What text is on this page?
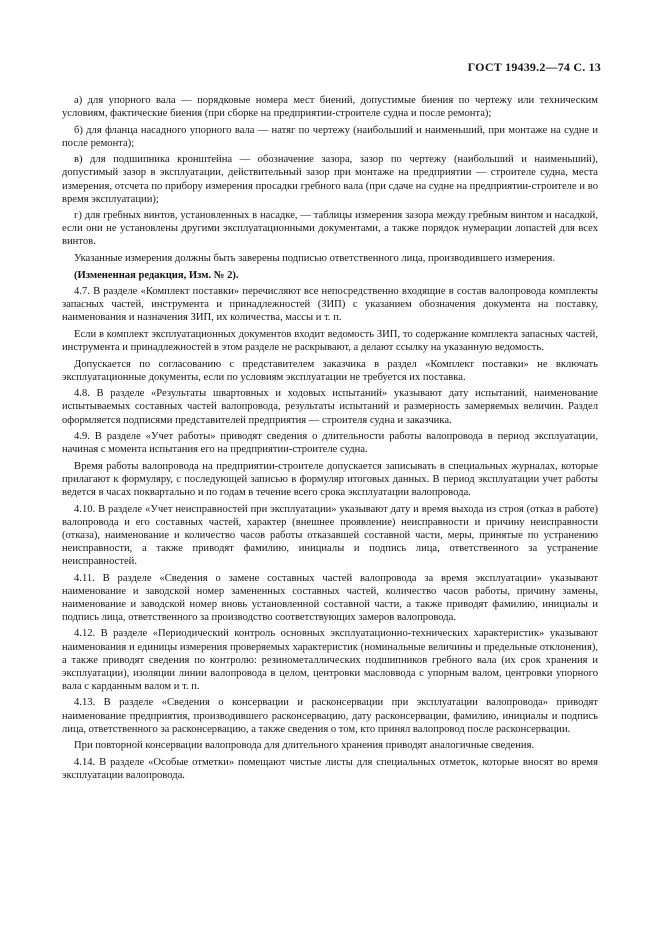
ГОСТ 19439.2—74 С. 13

а) для упорного вала — порядковые номера мест биений, допустимые биения по чертежу или техническим условиям, фактические биения (при сборке на предприятии-строителе судна и после ремонта);

б) для фланца насадного упорного вала — натяг по чертежу (наибольший и наименьший, при монтаже на судне и после ремонта);

в) для подшипника кронштейна — обозначение зазора, зазор по чертежу (наибольший и наименьший), допустимый зазор в эксплуатации, действительный зазор при монтаже на предприятии — строителе судна, места измерения, отсчета по прибору измерения просадки гребного вала (при сдаче на судне на предприятии-строителе и во время эксплуатации);

г) для гребных винтов, установленных в насадке, — таблицы измерения зазора между гребным винтом и насадкой, если они не установлены другими эксплуатационными документами, а также порядок нумерации лопастей для всех винтов.

Указанные измерения должны быть заверены подписью ответственного лица, производившего измерения.

(Измененная редакция, Изм. № 2).

4.7. В разделе «Комплект поставки» перечисляют все непосредственно входящие в состав валопровода комплекты запасных частей, инструмента и принадлежностей (ЗИП) с указанием обозначения документа на поставку, наименования и назначения ЗИП, их количества, массы и т. п.

Если в комплект эксплуатационных документов входит ведомость ЗИП, то содержание комплекта запасных частей, инструмента и принадлежностей в этом разделе не раскрывают, а делают ссылку на указанную ведомость.

Допускается по согласованию с представителем заказчика в раздел «Комплект поставки» не включать эксплуатационные документы, если по условиям эксплуатации не требуется их поставка.

4.8. В разделе «Результаты швартовных и ходовых испытаний» указывают дату испытаний, наименование испытываемых составных частей валопровода, результаты испытаний и размерность замеряемых величин. Раздел оформляется подписями представителей предприятия — строителя судна и заказчика.

4.9. В разделе «Учет работы» приводят сведения о длительности работы валопровода в период эксплуатации, начиная с момента испытания его на предприятии-строителе судна.

Время работы валопровода на предприятии-строителе допускается записывать в специальных журналах, которые прилагают к формуляру, с последующей записью в формуляр итоговых данных. В период эксплуатации учет работы ведется в часах поквартально и по годам в течение всего срока эксплуатации валопровода.

4.10. В разделе «Учет неисправностей при эксплуатации» указывают дату и время выхода из строя (отказ в работе) валопровода и его составных частей, характер (внешнее проявление) неисправности и причину неисправности (отказа), наименование и количество часов работы отказавшей составной части, меры, принятые по устранению неисправности, а также приводят фамилию, инициалы и подпись лица, ответственного за устранение неисправностей.

4.11. В разделе «Сведения о замене составных частей валопровода за время эксплуатации» указывают наименование и заводской номер замененных составных частей, количество часов работы, причину замены, наименование и заводской номер вновь установленной составной части, а также приводят фамилию, инициалы и подпись лица, ответственного за производство соответствующих замеров валопровода.

4.12. В разделе «Периодический контроль основных эксплуатационно-технических характеристик» указывают наименования и единицы измерения проверяемых характеристик (номинальные величины и предельные отклонения), а также приводят сведения по контролю: резинометаллических подшипников гребного вала (их срок хранения и эксплуатации), изоляции линии валопровода в целом, центровки масловвода с упорным валом, центровки упорного вала с карданным валом и т. п.

4.13. В разделе «Сведения о консервации и расконсервации при эксплуатации валопровода» приводят наименование предприятия, производившего расконсервацию, дату расконсервации, фамилию, инициалы и подпись лица, ответственного за расконсервацию, а также сведения о том, кто принял валопровод после расконсервации.

При повторной консервации валопровода для длительного хранения приводят аналогичные сведения.

4.14. В разделе «Особые отметки» помещают чистые листы для специальных отметок, которые вносят во время эксплуатации валопровода.
